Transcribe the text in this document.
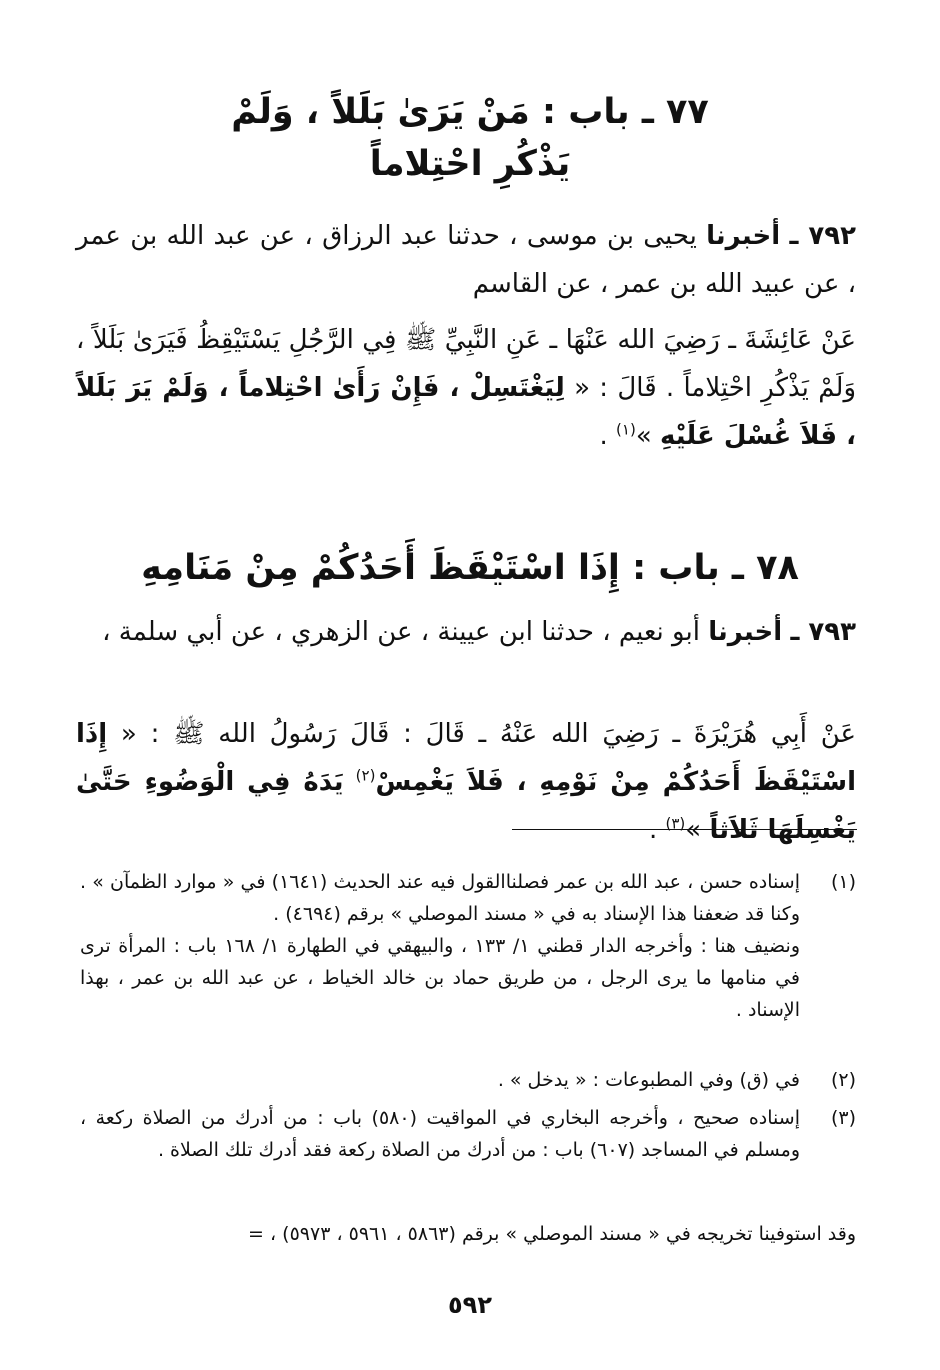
٧٧ ـ باب : مَنْ يَرَىٰ بَلَلاً ، وَلَمْ
يَذْكُرِ احْتِلاماً
٧٩٢ ـ أخبرنا يحيى بن موسى ، حدثنا عبد الرزاق ، عن عبد الله بن عمر ، عن عبيد الله بن عمر ، عن القاسم
عَنْ عَائِشَةَ ـ رَضِيَ الله عَنْهَا ـ عَنِ النَّبِيِّ ﷺ فِي الرَّجُلِ يَسْتَيْقِظُ فَيَرَىٰ بَلَلاً ، وَلَمْ يَذْكُرِ احْتِلاماً . قَالَ : « لِيَغْتَسِلْ ، فَإِنْ رَأَىٰ احْتِلاماً ، وَلَمْ يَرَ بَلَلاً ، فَلاَ غُسْلَ عَلَيْهِ »$^{(١)}$ .
٧٨ ـ باب : إِذَا اسْتَيْقَظَ أَحَدُكُمْ مِنْ مَنَامِهِ
٧٩٣ ـ أخبرنا أبو نعيم ، حدثنا ابن عيينة ، عن الزهري ، عن أبي سلمة ،
عَنْ أَبِي هُرَيْرَةَ ـ رَضِيَ الله عَنْهُ ـ قَالَ : قَالَ رَسُولُ الله ﷺ : « إِذَا اسْتَيْقَظَ أَحَدُكُمْ مِنْ نَوْمِهِ ، فَلاَ يَغْمِسْ$^{(٢)}$ يَدَهُ فِي الْوَضُوءِ حَتَّىٰ يَغْسِلَهَا ثَلاَثاً »$^{(٣)}$ .
(١)
إسناده حسن ، عبد الله بن عمر فصلناالقول فيه عند الحديث (١٦٤١) في « موارد الظمآن » . وكنا قد ضعفنا هذا الإسناد به في « مسند الموصلي » برقم (٤٦٩٤) .
ونضيف هنا : وأخرجه الدار قطني ١/ ١٣٣ ، والبيهقي في الطهارة ١/ ١٦٨ باب : المرأة ترى في منامها ما يرى الرجل ، من طريق حماد بن خالد الخياط ، عن عبد الله بن عمر ، بهذا الإسناد .
(٢)
في (ق) وفي المطبوعات : « يدخل » .
(٣)
إسناده صحيح ، وأخرجه البخاري في المواقيت (٥٨٠) باب : من أدرك من الصلاة ركعة ، ومسلم في المساجد (٦٠٧) باب : من أدرك من الصلاة ركعة فقد أدرك تلك الصلاة .
وقد استوفينا تخريجه في « مسند الموصلي » برقم (٥٨٦٣ ، ٥٩٦١ ، ٥٩٧٣) ، =
٥٩٢
